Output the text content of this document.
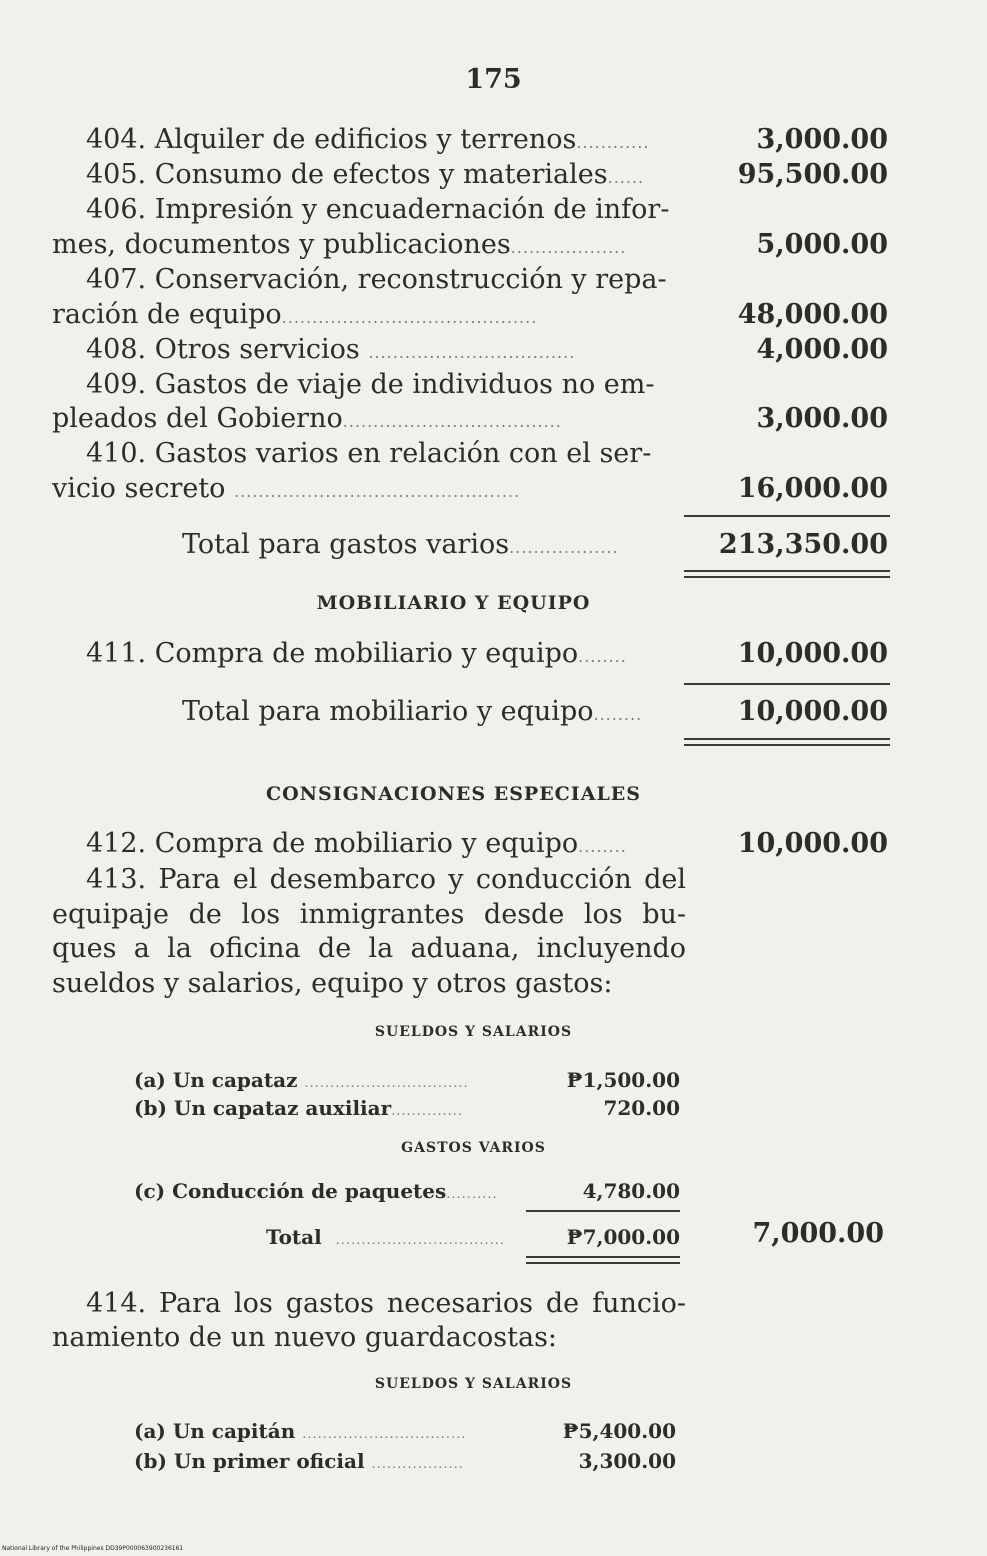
175
404. Alquiler de edificios y terrenos............	3,000.00
405. Consumo de efectos y materiales......	95,500.00
406. Impresión y encuadernación de infor-
mes, documentos y publicaciones...................	5,000.00
407. Conservación, reconstrucción y repa-
ración de equipo..........................................	48,000.00
408. Otros servicios ..................................	4,000.00
409. Gastos de viaje de individuos no em-
pleados del Gobierno....................................	3,000.00
410. Gastos varios en relación con el ser-
vicio secreto ...............................................	16,000.00
Total para gastos varios..................	213,350.00
MOBILIARIO Y EQUIPO
411. Compra de mobiliario y equipo........	10,000.00
Total para mobiliario y equipo........	10,000.00
CONSIGNACIONES ESPECIALES
412. Compra de mobiliario y equipo........	10,000.00
413. Para el desembarco y conducción del
equipaje de los inmigrantes desde los bu-
ques a la oficina de la aduana, incluyendo
sueldos y salarios, equipo y otros gastos:
SUELDOS Y SALARIOS
(a) Un capataz ................................	₱1,500.00
(b) Un capataz auxiliar..............	720.00
GASTOS VARIOS
(c) Conducción de paquetes..........	4,780.00
Total .................................	₱7,000.00	7,000.00
414. Para los gastos necesarios de funcio-
namiento de un nuevo guardacostas:
SUELDOS Y SALARIOS
(a) Un capitán ................................	₱5,400.00
(b) Un primer oficial ..................	3,300.00
National Library of the Philippines DD39P000063900236161
